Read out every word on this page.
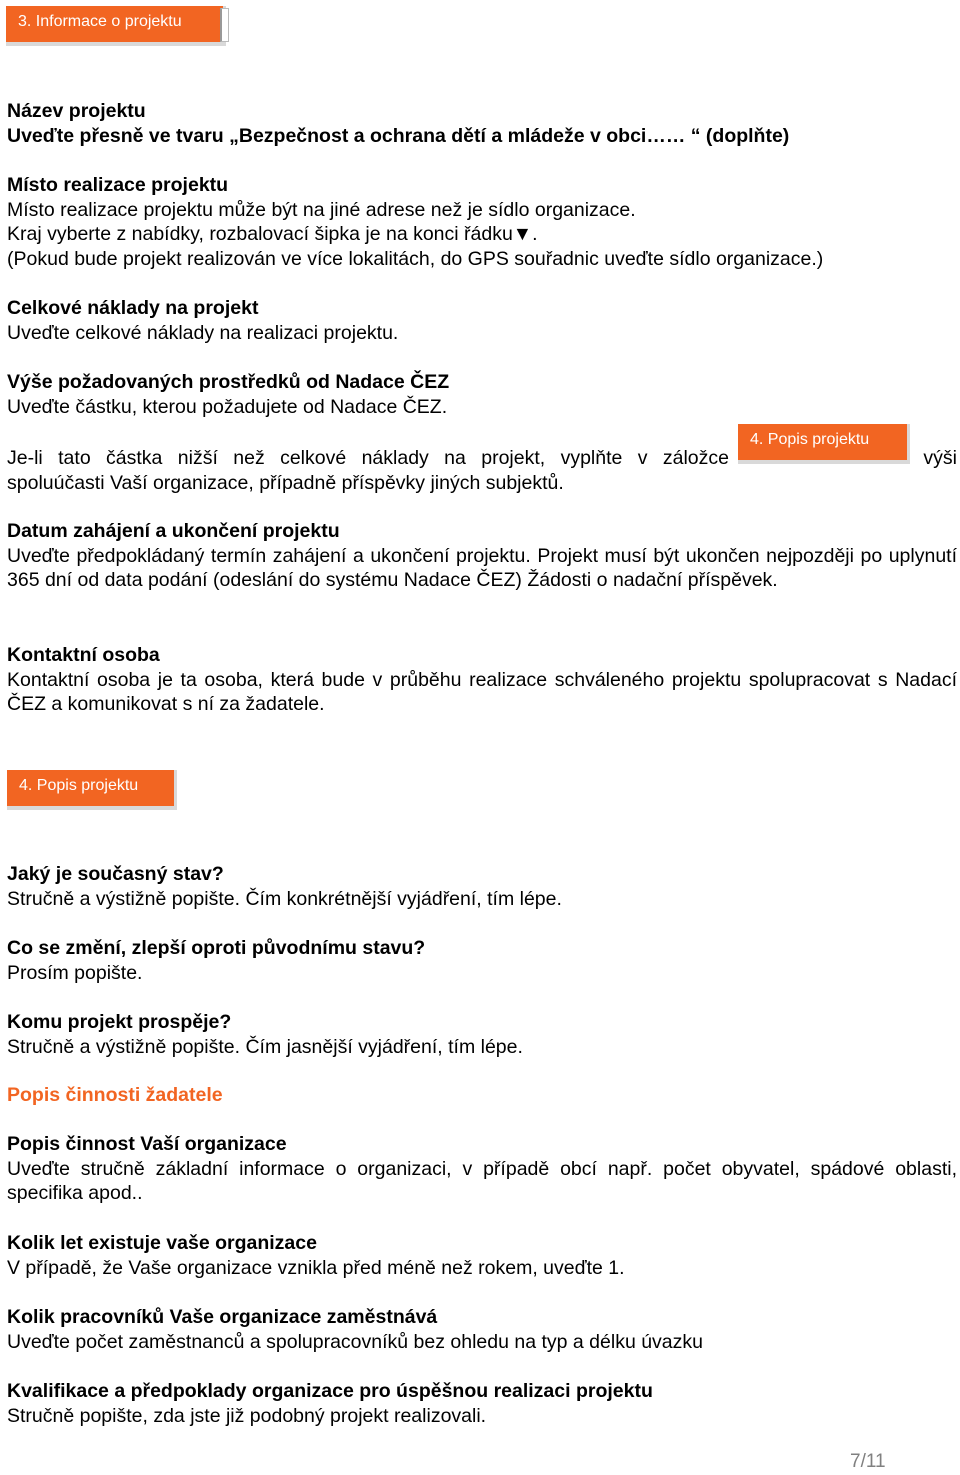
3. Informace o projektu

Název projektu

Uveďte přesně ve tvaru „Bezpečnost a ochrana dětí a mládeže v obci…… “ (doplňte)

Místo realizace projektu

Místo realizace projektu může být na jiné adrese než je sídlo organizace.

Kraj vyberte z nabídky, rozbalovací šipka je na konci řádku▼.

(Pokud bude projekt realizován ve více lokalitách, do GPS souřadnic uveďte sídlo organizace.)

Celkové náklady na projekt

Uveďte celkové náklady na realizaci projektu.

Výše požadovaných prostředků od Nadace ČEZ

Uveďte částku, kterou požadujete od Nadace ČEZ.

Je-li tato částka nižší než celkové náklady na projekt, vyplňte v záložce	výši
spoluúčasti Vaší organizace, případně příspěvky jiných subjektů.
4. Popis projektu

Datum zahájení a ukončení projektu

Uveďte předpokládaný termín zahájení a ukončení projektu. Projekt musí být ukončen nejpozději po uplynutí 365 dní od data podání (odeslání do systému Nadace ČEZ) Žádosti o nadační příspěvek.

Kontaktní osoba

Kontaktní osoba je ta osoba, která bude v průběhu realizace schváleného projektu spolupracovat s Nadací ČEZ a komunikovat s ní za žadatele.

4. Popis projektu

Jaký je současný stav?

Stručně a výstižně popište. Čím konkrétnější vyjádření, tím lépe.

Co se změní, zlepší oproti původnímu stavu?

Prosím popište.

Komu projekt prospěje?

Stručně a výstižně popište. Čím jasnější vyjádření, tím lépe.

Popis činnosti žadatele

Popis činnost Vaší organizace

Uveďte stručně základní informace o organizaci, v případě obcí např. počet obyvatel, spádové oblasti, specifika apod..

Kolik let existuje vaše organizace

V případě, že Vaše organizace vznikla před méně než rokem, uveďte 1.

Kolik pracovníků Vaše organizace zaměstnává

Uveďte počet zaměstnanců a spolupracovníků bez ohledu na typ a délku úvazku

Kvalifikace a předpoklady organizace pro úspěšnou realizaci projektu

Stručně popište, zda jste již podobný projekt realizovali.

7/11
